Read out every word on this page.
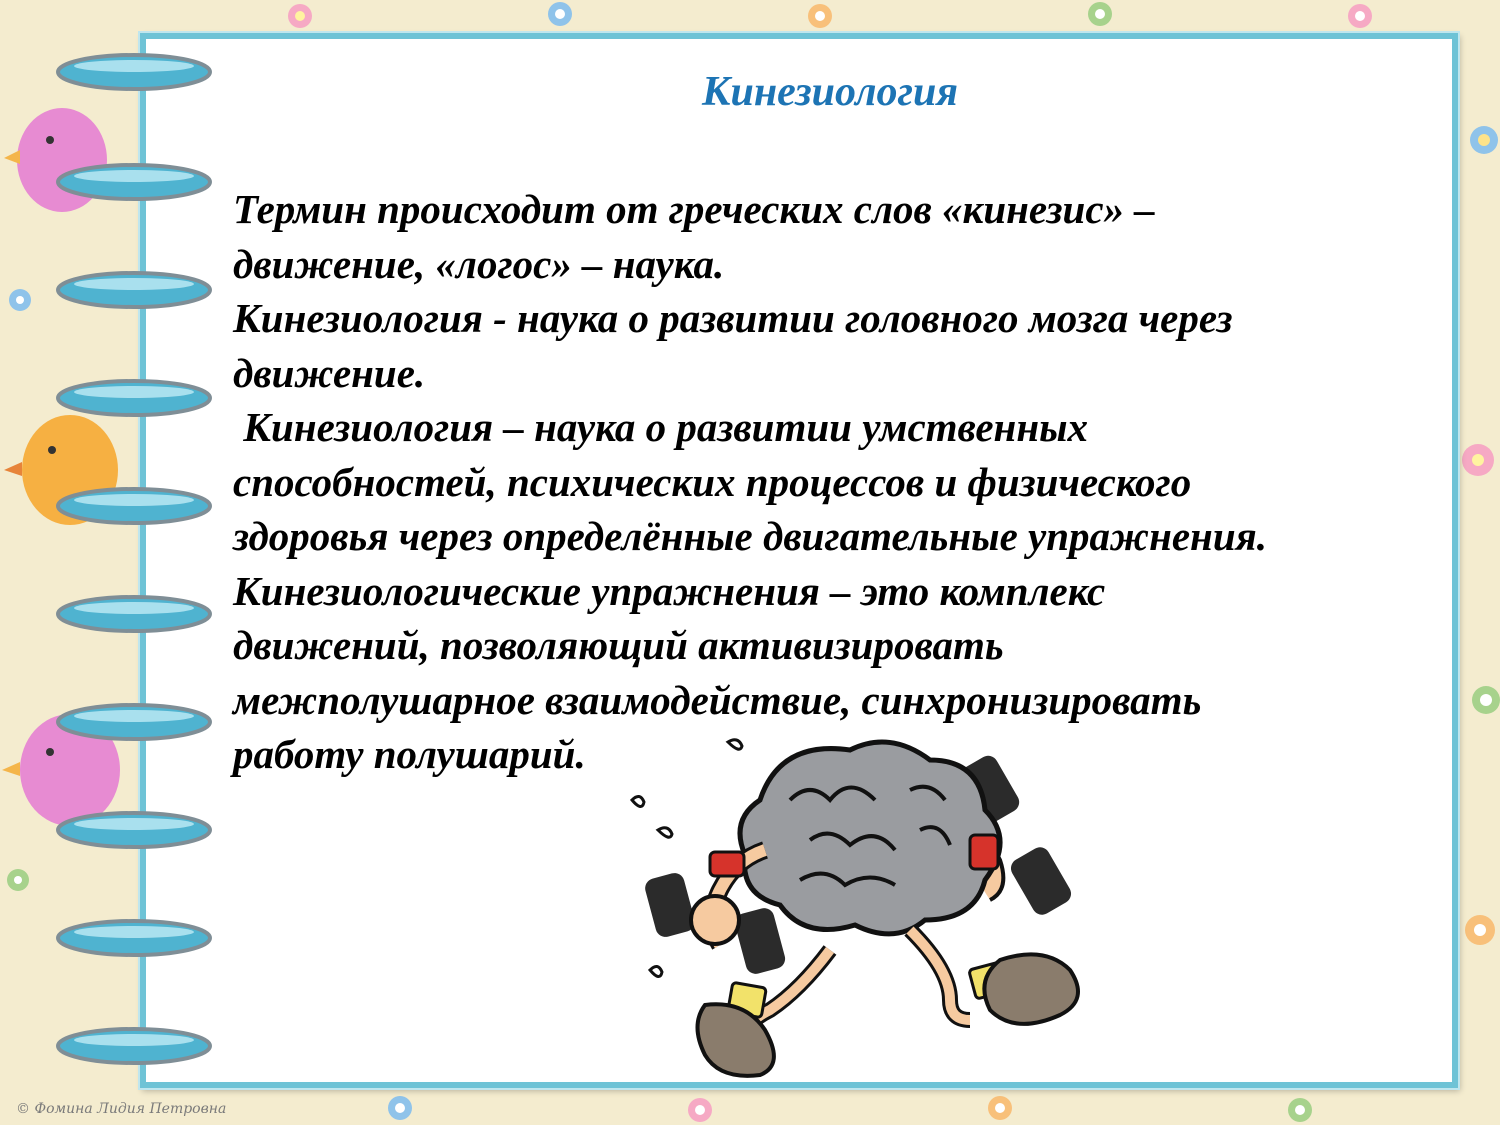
Кинезиология
Термин происходит от греческих слов «кинезис» –
движение, «логос» – наука.
Кинезиология - наука о развитии головного мозга через
движение.
Кинезиология – наука о развитии умственных
способностей, психических процессов и физического
здоровья через определённые двигательные упражнения.
Кинезиологические упражнения – это комплекс
движений, позволяющий активизировать
межполушарное взаимодействие, синхронизировать
работу полушарий.
© Фомина Лидия Петровна
